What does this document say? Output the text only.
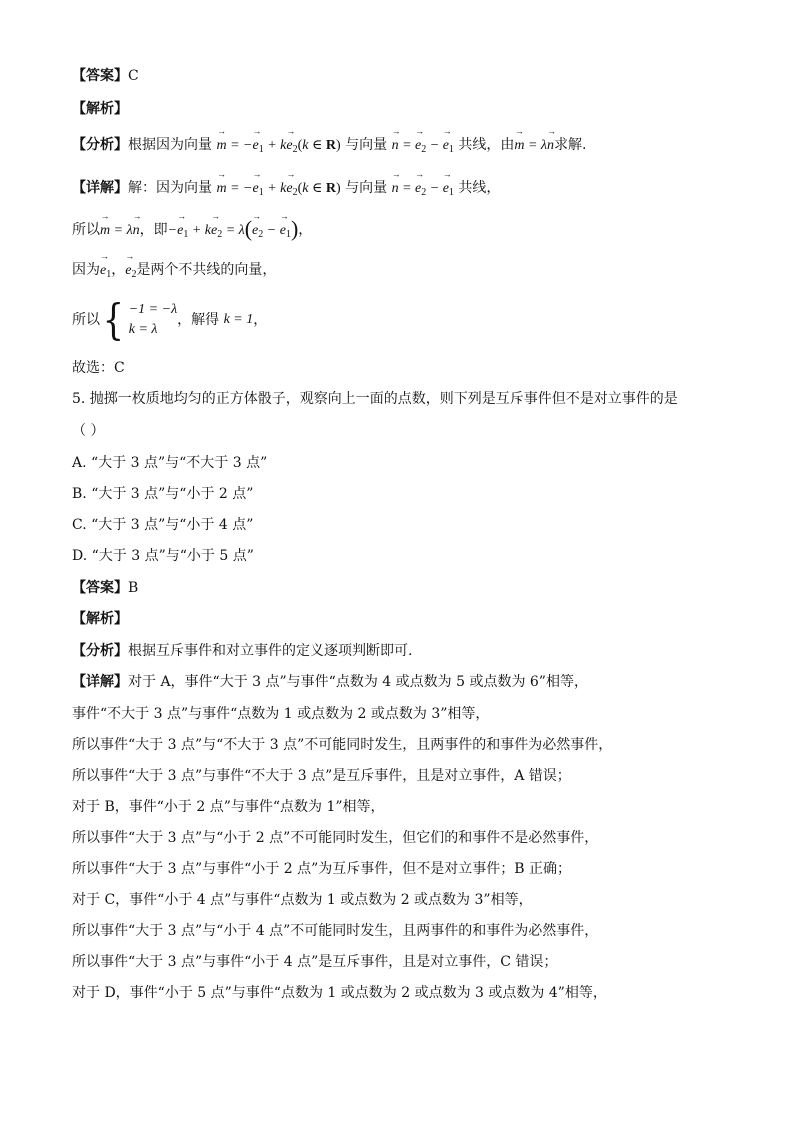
【答案】C
【解析】
【分析】根据因为向量 → m = −→ $e_1 + k\to e_2(k$ ∈ R) 与向量 → n = → $e_2$ − → $e_1$ 共线，由→ m = λ→ n求解.
【详解】解：因为向量 → m = −→ $e_1 + k\to e_2(k$ ∈ R) 与向量 → n = → $e_2$ − → $e_1$ 共线，
所以→ m = λ→ n，即−→ $e_1 + k\to e_2 = \lambda(\to e_2$ − → $e_1$)，
因为→ $e_1$，→ $e_2$是两个不共线的向量，
所以 { −1 = −λ
k = λ
，解得
k = 1 ，
故选：C
5. 抛掷一枚质地均匀的正方体骰子，观察向上一面的点数，则下列是互斥事件但不是对立事件的是
（ ）
A. “大于 3 点”与“不大于 3 点”
B. “大于 3 点”与“小于 2 点”
C. “大于 3 点”与“小于 4 点”
D. “大于 3 点”与“小于 5 点”
【答案】B
【解析】
【分析】根据互斥事件和对立事件的定义逐项判断即可.
【详解】对于 A，事件“大于 3 点”与事件“点数为 4 或点数为 5 或点数为 6”相等，
事件“不大于 3 点”与事件“点数为 1 或点数为 2 或点数为 3”相等，
所以事件“大于 3 点”与“不大于 3 点”不可能同时发生，且两事件的和事件为必然事件，
所以事件“大于 3 点”与事件“不大于 3 点”是互斥事件，且是对立事件，A 错误；
对于 B，事件“小于 2 点”与事件“点数为 1”相等，
所以事件“大于 3 点”与“小于 2 点”不可能同时发生，但它们的和事件不是必然事件，
所以事件“大于 3 点”与事件“小于 2 点”为互斥事件，但不是对立事件；B 正确；
对于 C，事件“小于 4 点”与事件“点数为 1 或点数为 2 或点数为 3”相等，
所以事件“大于 3 点”与“小于 4 点”不可能同时发生，且两事件的和事件为必然事件，
所以事件“大于 3 点”与事件“小于 4 点”是互斥事件，且是对立事件，C 错误；
对于 D，事件“小于 5 点”与事件“点数为 1 或点数为 2 或点数为 3 或点数为 4”相等，
